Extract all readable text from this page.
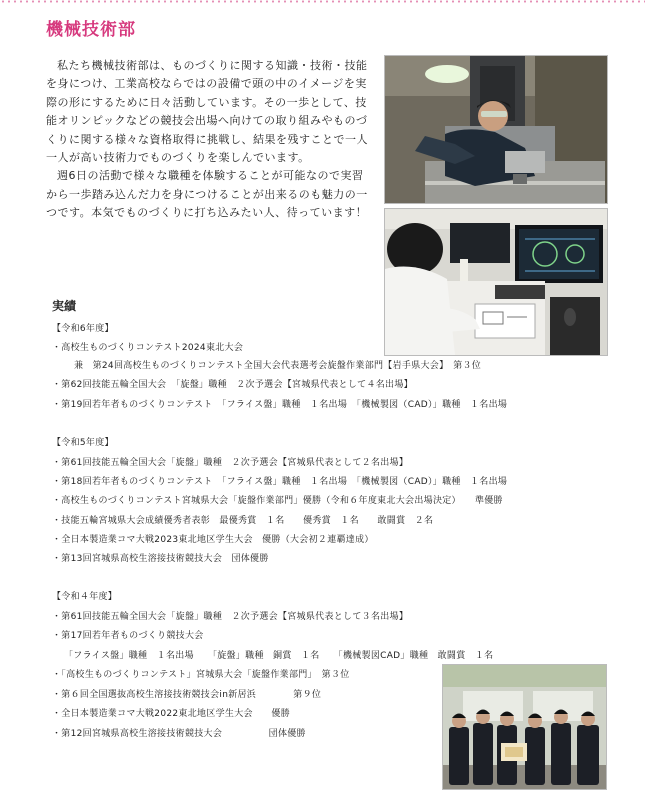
機械技術部

私たち機械技術部は、ものづくりに関する知識・技術・技能を身につけ、工業高校ならではの設備で頭の中のイメージを実際の形にするために日々活動しています。その一歩として、技能オリンピックなどの競技会出場へ向けての取り組みやものづくりに関する様々な資格取得に挑戦し、結果を残すことで一人一人が高い技術力でものづくりを楽しんでいます。

週6日の活動で様々な職種を体験することが可能なので実習から一歩踏み込んだ力を身につけることが出来るのも魅力の一つです。本気でものづくりに打ち込みたい人、待っています！

実績
【令和6年度】
・高校生ものづくりコンテスト2024東北大会
兼　第24回高校生ものづくりコンテスト全国大会代表選考会旋盤作業部門【岩手県大会】　第３位
・第62回技能五輪全国大会　「旋盤」職種　２次予選会【宮城県代表として４名出場】
・第19回若年者ものづくりコンテスト　「フライス盤」職種　１名出場　「機械製図（CAD）」職種　１名出場
【令和5年度】
・第61回技能五輪全国大会「旋盤」職種　２次予選会【宮城県代表として２名出場】
・第18回若年者ものづくりコンテスト　「フライス盤」職種　１名出場　「機械製図（CAD）」職種　１名出場
・高校生ものづくりコンテスト宮城県大会「旋盤作業部門」優勝（令和６年度東北大会出場決定）　　準優勝
・技能五輪宮城県大会成績優秀者表彰　最優秀賞　１名　　優秀賞　１名　　敢闘賞　２名
・全日本製造業コマ大戦2023東北地区学生大会　優勝（大会初２連覇達成）
・第13回宮城県高校生溶接技術競技大会　団体優勝
【令和４年度】
・第61回技能五輪全国大会「旋盤」職種　２次予選会【宮城県代表として３名出場】
・第17回若年者ものづくり競技大会
「フライス盤」職種　１名出場　　「旋盤」職種　銅賞　１名　　「機械製図CAD」職種　敢闘賞　１名
・「高校生ものづくりコンテスト」宮城県大会「旋盤作業部門」　第３位
・第６回全国選抜高校生溶接技術競技会in新居浜　　　　第９位
・全日本製造業コマ大戦2022東北地区学生大会　　優勝
・第12回宮城県高校生溶接技術競技大会　　　　　団体優勝
